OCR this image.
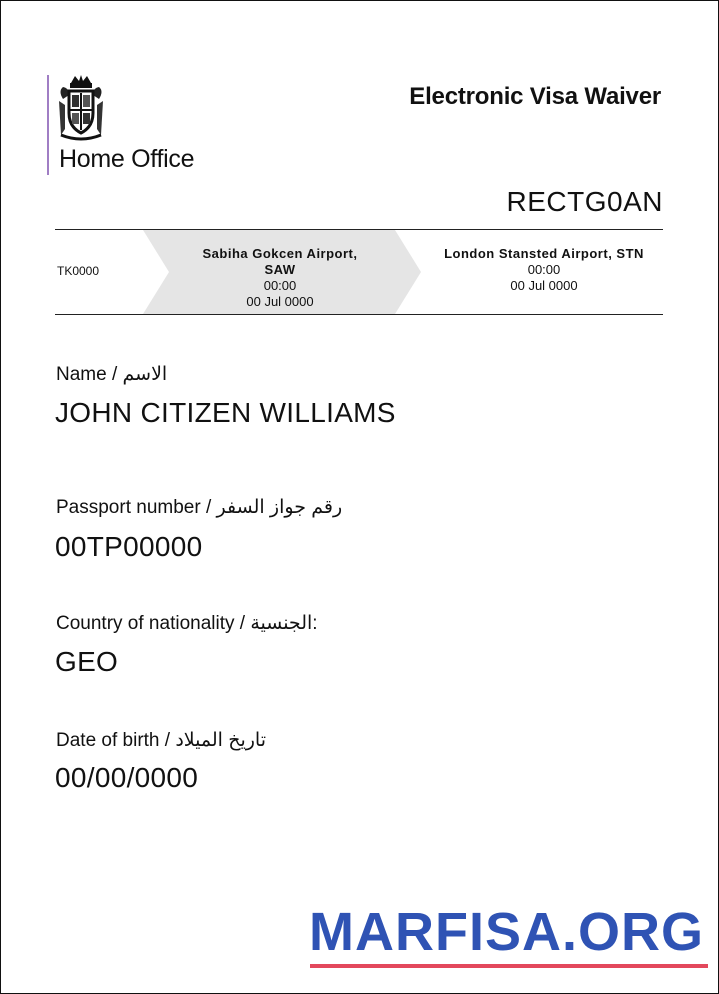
Home Office
Electronic Visa Waiver
RECTG0AN
TK0000
Sabiha Gokcen Airport,
SAW
00:00
00 Jul 0000
London Stansted Airport, STN
00:00
00 Jul 0000
Name / الاسم
JOHN CITIZEN WILLIAMS
Passport number / رقم جواز السفر
00TP00000
Country of nationality / الجنسية:
GEO
Date of birth / تاريخ الميلاد
00/00/0000
MARFISA.ORG
